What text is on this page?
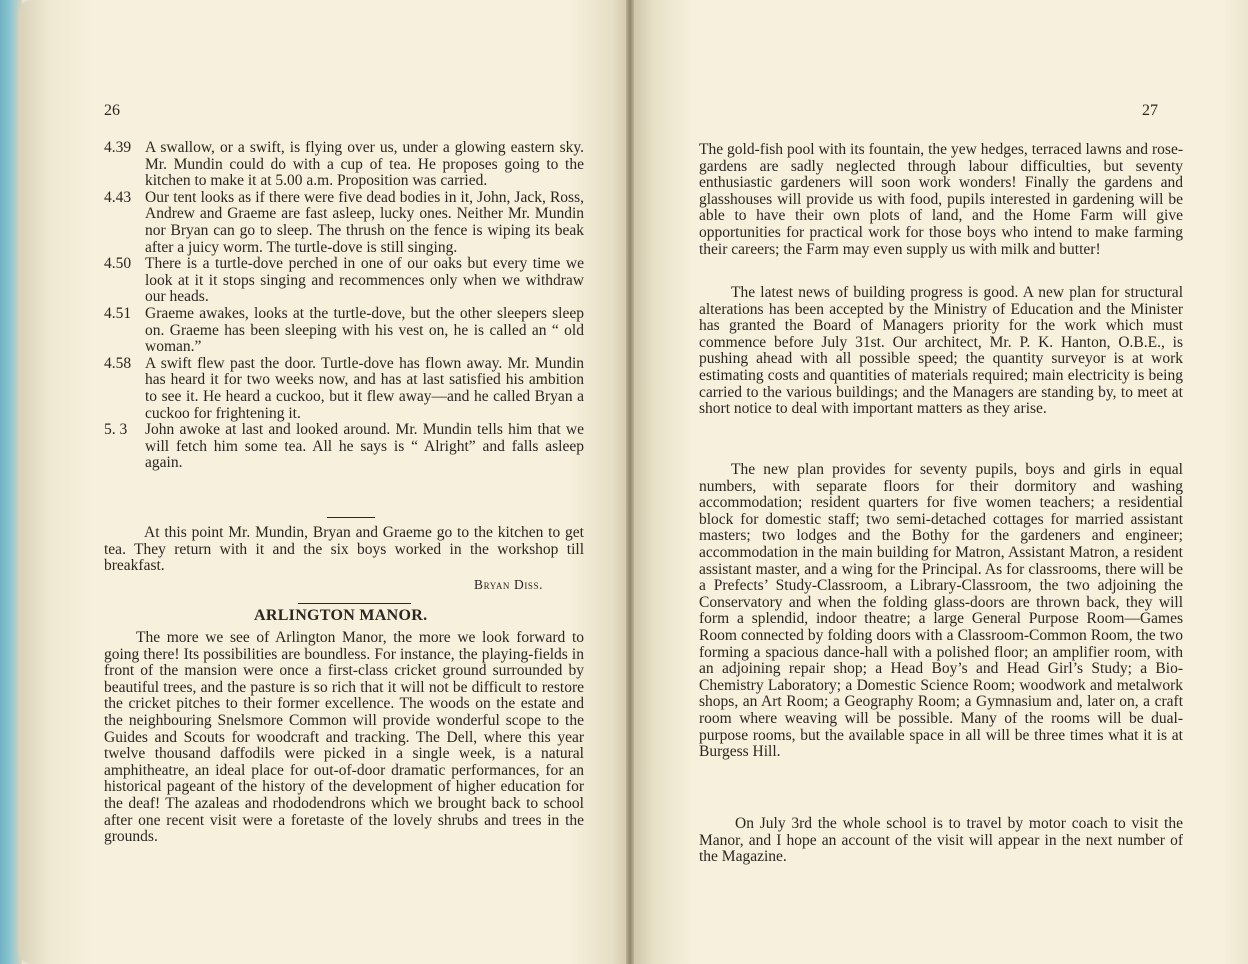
26
4.39 A swallow, or a swift, is flying over us, under a glowing eastern sky. Mr. Mundin could do with a cup of tea. He proposes going to the kitchen to make it at 5.00 a.m. Proposition was carried.
4.43 Our tent looks as if there were five dead bodies in it, John, Jack, Ross, Andrew and Graeme are fast asleep, lucky ones. Neither Mr. Mundin nor Bryan can go to sleep. The thrush on the fence is wiping its beak after a juicy worm. The turtle-dove is still singing.
4.50 There is a turtle-dove perched in one of our oaks but every time we look at it it stops singing and recommences only when we withdraw our heads.
4.51 Graeme awakes, looks at the turtle-dove, but the other sleepers sleep on. Graeme has been sleeping with his vest on, he is called an “ old woman.”
4.58 A swift flew past the door. Turtle-dove has flown away. Mr. Mundin has heard it for two weeks now, and has at last satisfied his ambition to see it. He heard a cuckoo, but it flew away—and he called Bryan a cuckoo for frightening it.
5. 3	John awoke at last and looked around. Mr. Mundin tells him that we will fetch him some tea. All he says is “ Alright” and falls asleep again.

At this point Mr. Mundin, Bryan and Graeme go to the kitchen to get tea. They return with it and the six boys worked in the workshop till breakfast.

Bryan Diss.
ARLINGTON MANOR.

The more we see of Arlington Manor, the more we look forward to going there! Its possibilities are boundless. For instance, the playing-fields in front of the mansion were once a first-class cricket ground surrounded by beautiful trees, and the pasture is so rich that it will not be difficult to restore the cricket pitches to their former excellence. The woods on the estate and the neighbouring Snelsmore Common will provide wonderful scope to the Guides and Scouts for woodcraft and tracking. The Dell, where this year twelve thousand daffodils were picked in a single week, is a natural amphitheatre, an ideal place for out-of-door dramatic performances, for an historical pageant of the history of the development of higher education for the deaf! The azaleas and rhododendrons which we brought back to school after one recent visit were a foretaste of the lovely shrubs and trees in the grounds.

27

The gold-fish pool with its fountain, the yew hedges, terraced lawns and rose-gardens are sadly neglected through labour difficulties, but seventy enthusiastic gardeners will soon work wonders! Finally the gardens and glasshouses will provide us with food, pupils interested in gardening will be able to have their own plots of land, and the Home Farm will give opportunities for practical work for those boys who intend to make farming their careers; the Farm may even supply us with milk and butter!

The latest news of building progress is good. A new plan for structural alterations has been accepted by the Ministry of Education and the Minister has granted the Board of Managers priority for the work which must commence before July 31st. Our architect, Mr. P. K. Hanton, O.B.E., is pushing ahead with all possible speed; the quantity surveyor is at work estimating costs and quantities of materials required; main electricity is being carried to the various buildings; and the Managers are standing by, to meet at short notice to deal with important matters as they arise.

The new plan provides for seventy pupils, boys and girls in equal numbers, with separate floors for their dormitory and washing accommodation; resident quarters for five women teachers; a residential block for domestic staff; two semi-detached cottages for married assistant masters; two lodges and the Bothy for the gardeners and engineer; accommodation in the main building for Matron, Assistant Matron, a resident assistant master, and a wing for the Principal. As for classrooms, there will be a Prefects’ Study-Classroom, a Library-Classroom, the two adjoining the Conservatory and when the folding glass-doors are thrown back, they will form a splendid, indoor theatre; a large General Purpose Room—Games Room connected by folding doors with a Classroom-Common Room, the two forming a spacious dance-hall with a polished floor; an amplifier room, with an adjoining repair shop; a Head Boy’s and Head Girl’s Study; a Bio-Chemistry Laboratory; a Domestic Science Room; woodwork and metalwork shops, an Art Room; a Geography Room; a Gymnasium and, later on, a craft room where weaving will be possible. Many of the rooms will be dual-purpose rooms, but the available space in all will be three times what it is at Burgess Hill.

On July 3rd the whole school is to travel by motor coach to visit the Manor, and I hope an account of the visit will appear in the next number of the Magazine.
